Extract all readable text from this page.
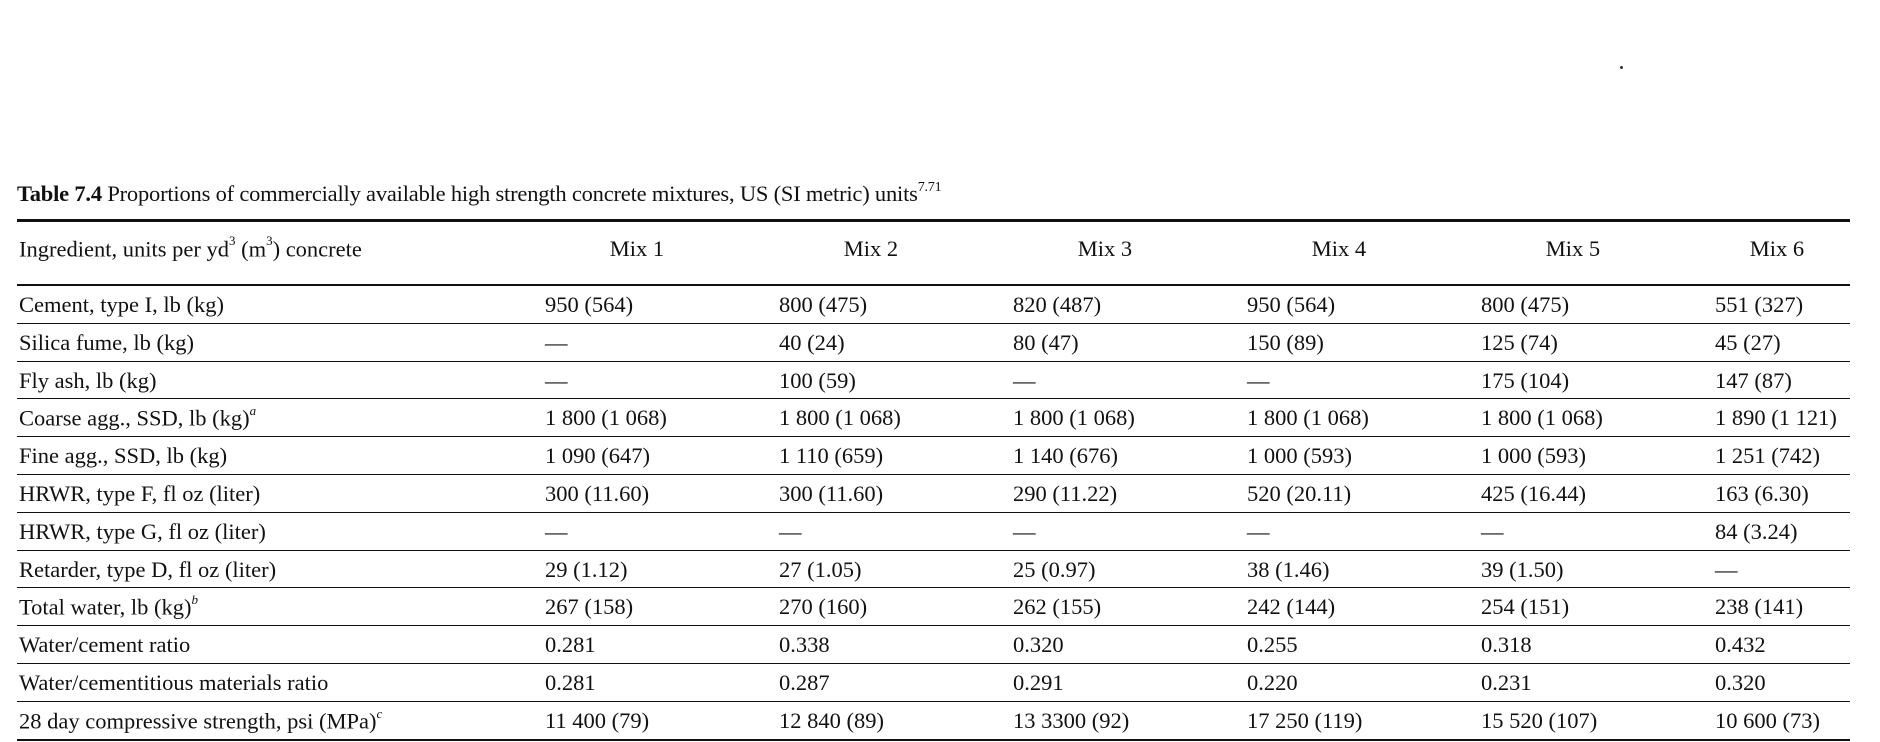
Table 7.4 Proportions of commercially available high strength concrete mixtures, US (SI metric) units$^{7.71}$
Ingredient, units per $yd^3$ $(m^3)$ concrete	Mix 1	Mix 2	Mix 3	Mix 4	Mix 5	Mix 6
Cement, type I, lb (kg)	950 (564)	800 (475)	820 (487)	950 (564)	800 (475)	551 (327)
Silica fume, lb (kg)	—	40 (24)	80 (47)	150 (89)	125 (74)	45 (27)
Fly ash, lb (kg)	—	100 (59)	—	—	175 (104)	147 (87)
Coarse agg., SSD, lb (kg)$^a$	1 800 (1 068)	1 800 (1 068)	1 800 (1 068)	1 800 (1 068)	1 800 (1 068)	1 890 (1 121)
Fine agg., SSD, lb (kg)	1 090 (647)	1 110 (659)	1 140 (676)	1 000 (593)	1 000 (593)	1 251 (742)
HRWR, type F, fl oz (liter)	300 (11.60)	300 (11.60)	290 (11.22)	520 (20.11)	425 (16.44)	163 (6.30)
HRWR, type G, fl oz (liter)	—	—	—	—	—	84 (3.24)
Retarder, type D, fl oz (liter)	29 (1.12)	27 (1.05)	25 (0.97)	38 (1.46)	39 (1.50)	—
Total water, lb (kg)$^b$	267 (158)	270 (160)	262 (155)	242 (144)	254 (151)	238 (141)
Water/cement ratio	0.281	0.338	0.320	0.255	0.318	0.432
Water/cementitious materials ratio	0.281	0.287	0.291	0.220	0.231	0.320
28 day compressive strength, psi (MPa)$^c$	11 400 (79)	12 840 (89)	13 3300 (92)	17 250 (119)	15 520 (107)	10 600 (73)
